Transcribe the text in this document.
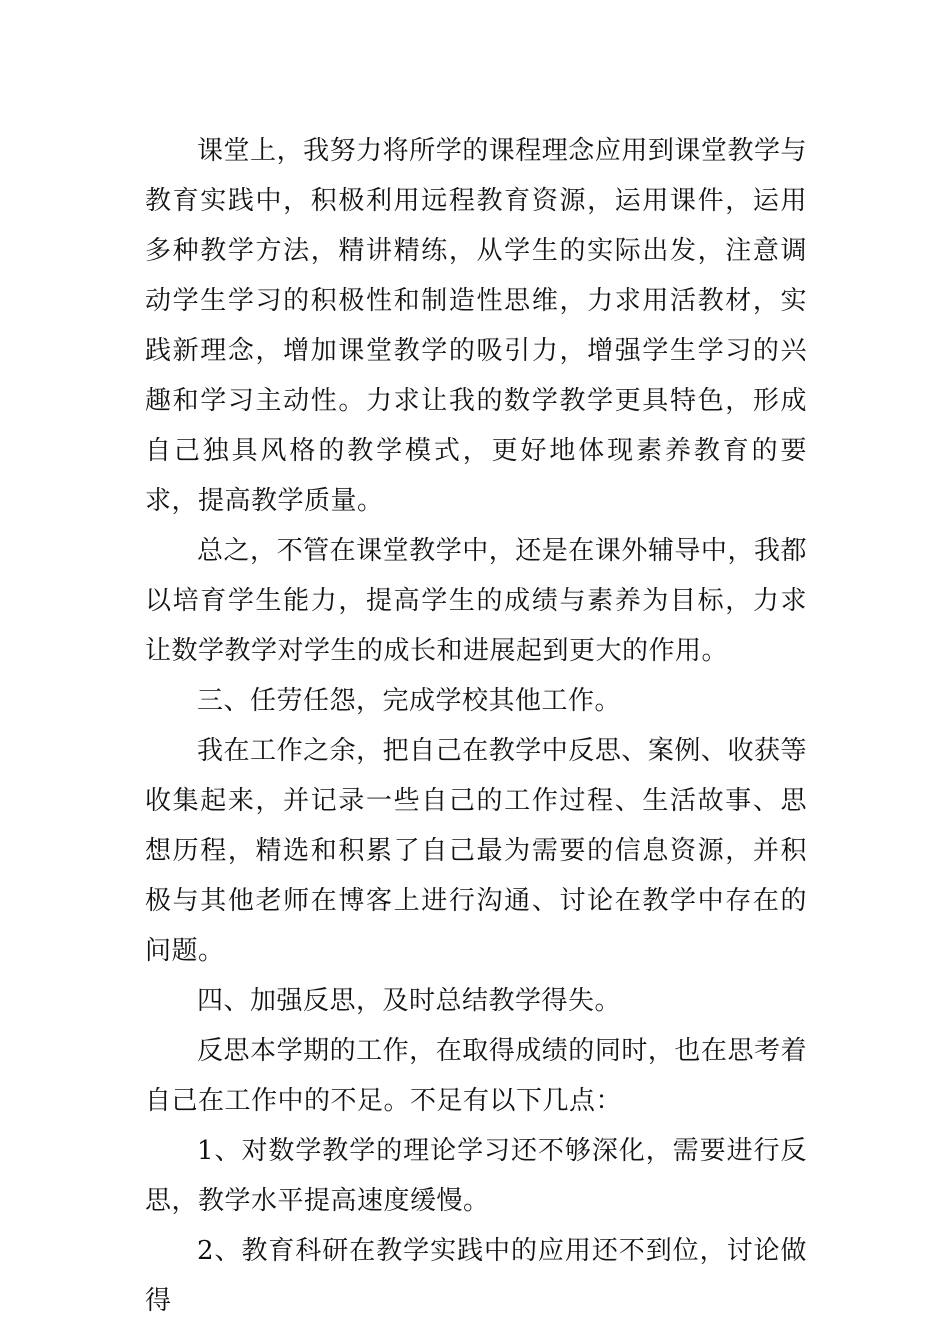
课堂上，我努力将所学的课程理念应用到课堂教学与教育实践中，积极利用远程教育资源，运用课件，运用多种教学方法，精讲精练，从学生的实际出发，注意调动学生学习的积极性和制造性思维，力求用活教材，实践新理念，增加课堂教学的吸引力，增强学生学习的兴趣和学习主动性。力求让我的数学教学更具特色，形成自己独具风格的教学模式，更好地体现素养教育的要求，提高教学质量。

总之，不管在课堂教学中，还是在课外辅导中，我都以培育学生能力，提高学生的成绩与素养为目标，力求让数学教学对学生的成长和进展起到更大的作用。

三、任劳任怨，完成学校其他工作。

我在工作之余，把自己在教学中反思、案例、收获等收集起来，并记录一些自己的工作过程、生活故事、思想历程，精选和积累了自己最为需要的信息资源，并积极与其他老师在博客上进行沟通、讨论在教学中存在的问题。

四、加强反思，及时总结教学得失。

反思本学期的工作，在取得成绩的同时，也在思考着自己在工作中的不足。不足有以下几点：

1、对数学教学的理论学习还不够深化，需要进行反思，教学水平提高速度缓慢。

2、教育科研在教学实践中的应用还不到位，讨论做得
